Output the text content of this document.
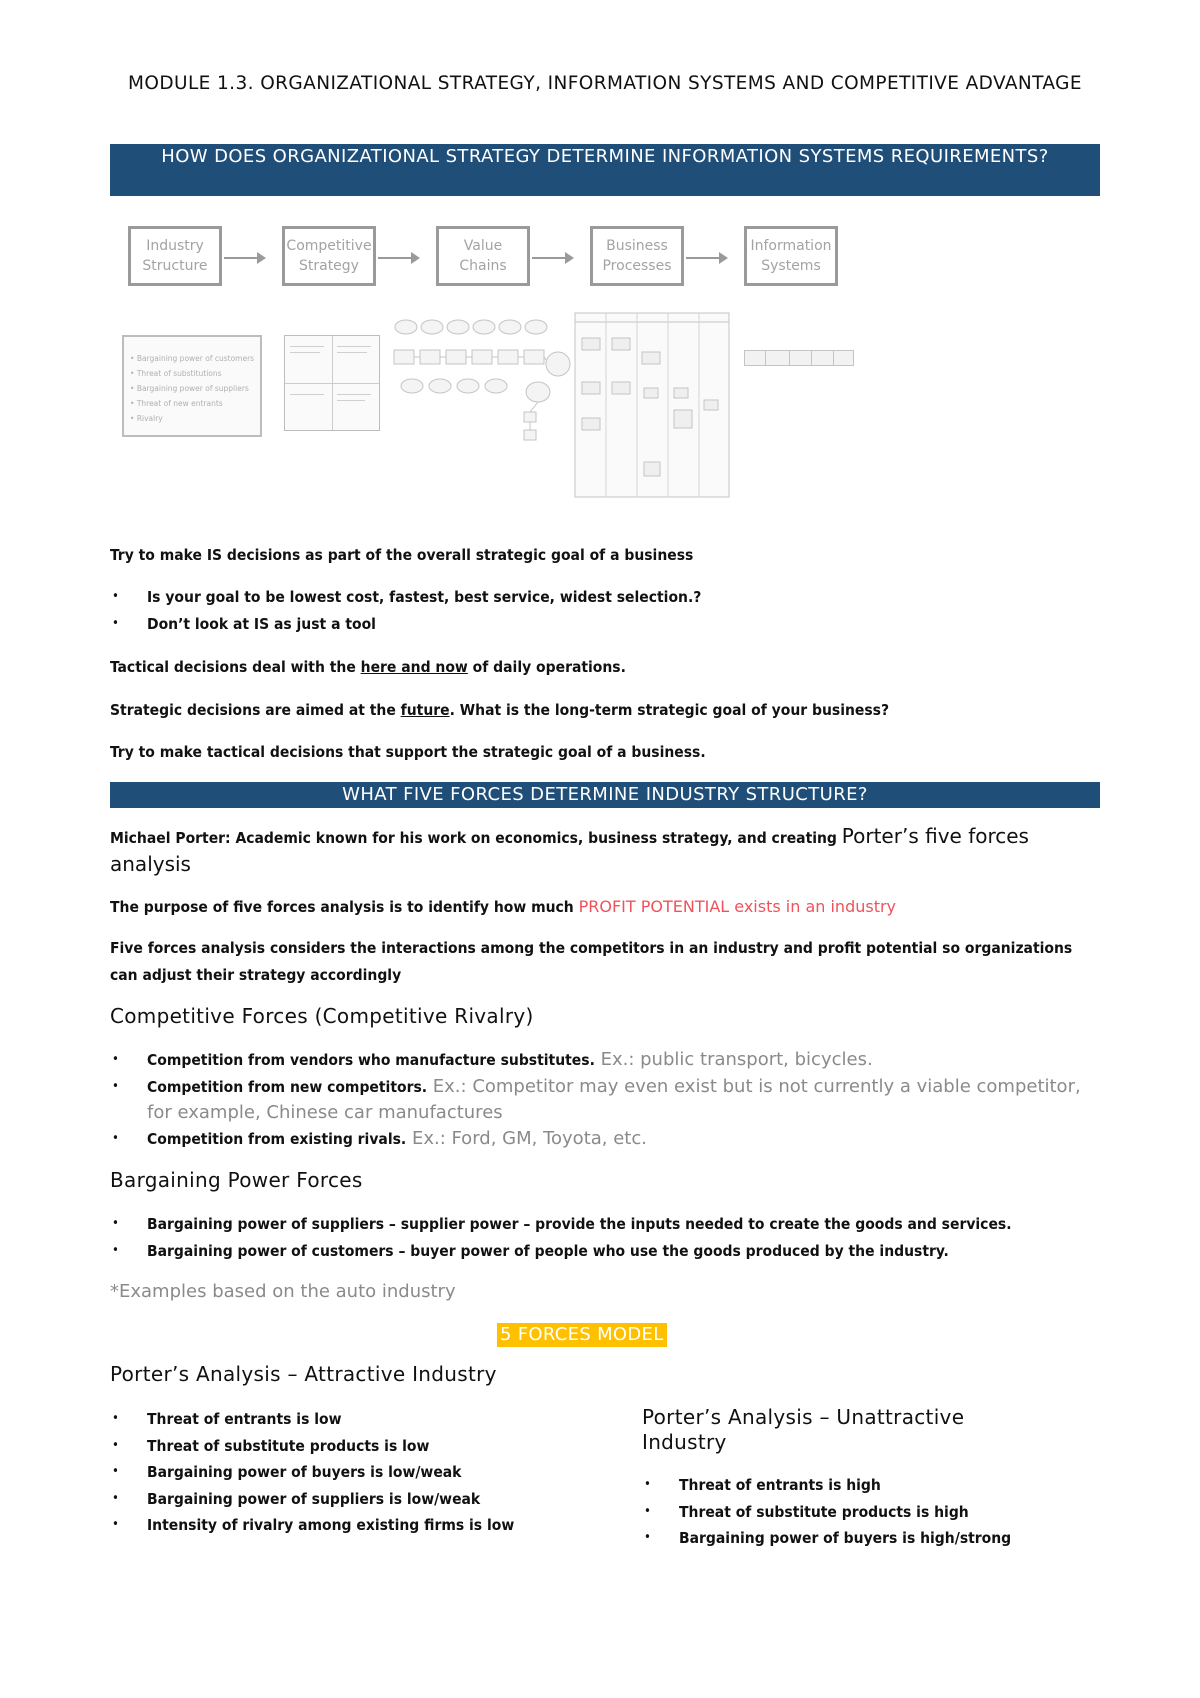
MODULE 1.3. ORGANIZATIONAL STRATEGY, INFORMATION SYSTEMS AND COMPETITIVE ADVANTAGE
HOW DOES ORGANIZATIONAL STRATEGY DETERMINE INFORMATION SYSTEMS REQUIREMENTS?
Industry
Structure
Competitive
Strategy
Value
Chains
Business
Processes
Information
Systems
• Bargaining power of customers
• Threat of substitutions
• Bargaining power of suppliers
• Threat of new entrants
• Rivalry
Try to make IS decisions as part of the overall strategic goal of a business
• Is your goal to be lowest cost, fastest, best service, widest selection.?
• Don’t look at IS as just a tool
Tactical decisions deal with the here and now of daily operations.
Strategic decisions are aimed at the future. What is the long-term strategic goal of your business?
Try to make tactical decisions that support the strategic goal of a business.
WHAT FIVE FORCES DETERMINE INDUSTRY STRUCTURE?
Michael Porter: Academic known for his work on economics, business strategy, and creating Porter’s five forces analysis
The purpose of five forces analysis is to identify how much PROFIT POTENTIAL exists in an industry
Five forces analysis considers the interactions among the competitors in an industry and profit potential so organizations can adjust their strategy accordingly
Competitive Forces (Competitive Rivalry)
• Competition from vendors who manufacture substitutes. Ex.: public transport, bicycles.
• Competition from new competitors. Ex.: Competitor may even exist but is not currently a viable competitor, for example, Chinese car manufactures
• Competition from existing rivals. Ex.: Ford, GM, Toyota, etc.
Bargaining Power Forces
• Bargaining power of suppliers – supplier power – provide the inputs needed to create the goods and services.
• Bargaining power of customers – buyer power of people who use the goods produced by the industry.
*Examples based on the auto industry
5 FORCES MODEL
Porter’s Analysis – Attractive Industry
• Threat of entrants is low
• Threat of substitute products is low
• Bargaining power of buyers is low/weak
• Bargaining power of suppliers is low/weak
• Intensity of rivalry among existing firms is low
Porter’s Analysis – Unattractive Industry
• Threat of entrants is high
• Threat of substitute products is high
• Bargaining power of buyers is high/strong
